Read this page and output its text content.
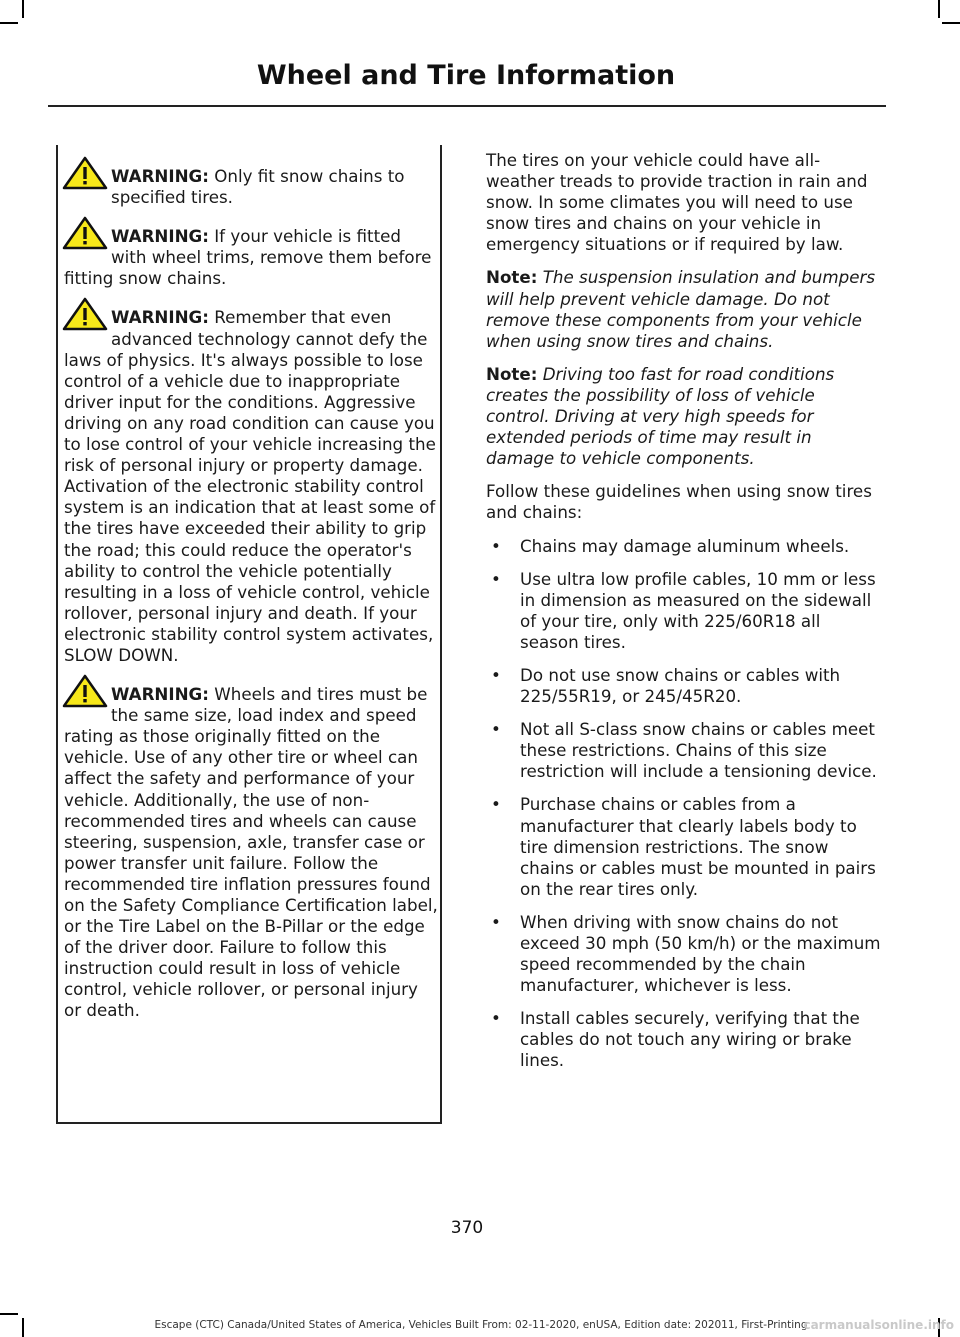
Wheel and Tire Information
WARNING: Only fit snow chains to specified tires.
WARNING: If your vehicle is fitted with wheel trims, remove them before fitting snow chains.
WARNING: Remember that even advanced technology cannot defy the laws of physics. It's always possible to lose control of a vehicle due to inappropriate driver input for the conditions. Aggressive driving on any road condition can cause you to lose control of your vehicle increasing the risk of personal injury or property damage. Activation of the electronic stability control system is an indication that at least some of the tires have exceeded their ability to grip the road; this could reduce the operator's ability to control the vehicle potentially resulting in a loss of vehicle control, vehicle rollover, personal injury and death. If your electronic stability control system activates, SLOW DOWN.
WARNING: Wheels and tires must be the same size, load index and speed rating as those originally fitted on the vehicle. Use of any other tire or wheel can affect the safety and performance of your vehicle. Additionally, the use of non-recommended tires and wheels can cause steering, suspension, axle, transfer case or power transfer unit failure. Follow the recommended tire inflation pressures found on the Safety Compliance Certification label, or the Tire Label on the B-Pillar or the edge of the driver door. Failure to follow this instruction could result in loss of vehicle control, vehicle rollover, or personal injury or death.

The tires on your vehicle could have all-weather treads to provide traction in rain and snow. In some climates you will need to use snow tires and chains on your vehicle in emergency situations or if required by law.

Note: The suspension insulation and bumpers will help prevent vehicle damage. Do not remove these components from your vehicle when using snow tires and chains.

Note: Driving too fast for road conditions creates the possibility of loss of vehicle control. Driving at very high speeds for extended periods of time may result in damage to vehicle components.

Follow these guidelines when using snow tires and chains:

• Chains may damage aluminum wheels.
• Use ultra low profile cables, 10 mm or less in dimension as measured on the sidewall of your tire, only with 225/60R18 all season tires.
• Do not use snow chains or cables with 225/55R19, or 245/45R20.
• Not all S-class snow chains or cables meet these restrictions. Chains of this size restriction will include a tensioning device.
• Purchase chains or cables from a manufacturer that clearly labels body to tire dimension restrictions. The snow chains or cables must be mounted in pairs on the rear tires only.
• When driving with snow chains do not exceed 30 mph (50 km/h) or the maximum speed recommended by the chain manufacturer, whichever is less.
• Install cables securely, verifying that the cables do not touch any wiring or brake lines.
370
Escape (CTC) Canada/United States of America, Vehicles Built From: 02-11-2020, enUSA, Edition date: 202011, First-Printing
carmanualsonline.info
